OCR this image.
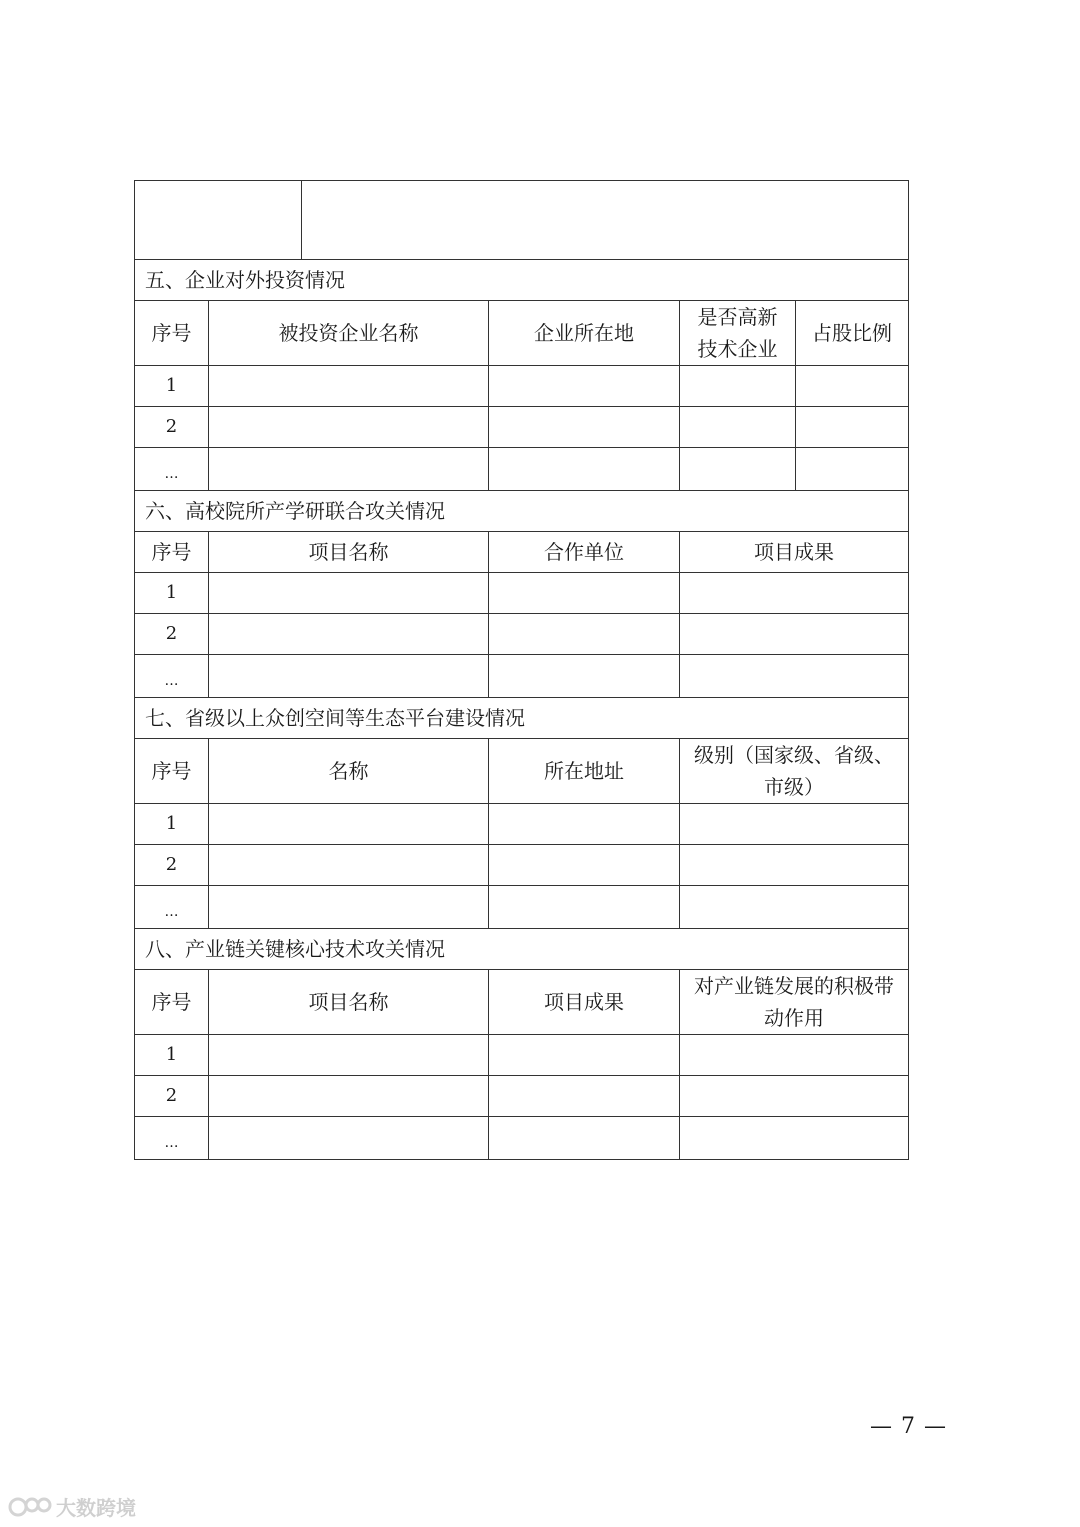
五、企业对外投资情况					
序号	被投资企业名称		企业所在地	是否高新技术企业	占股比例
1					
2					
…					
六、高校院所产学研联合攻关情况					
序号	项目名称		合作单位	项目成果	
1					
2					
…					
七、省级以上众创空间等生态平台建设情况					
序号	名称		所在地址	级别（国家级、省级、市级）	

1					
2					
…					
八、产业链关键核心技术攻关情况					
序号	项目名称		项目成果	对产业链发展的积极带动作用	

1					
2					
…					
— 7 —
大数跨境
